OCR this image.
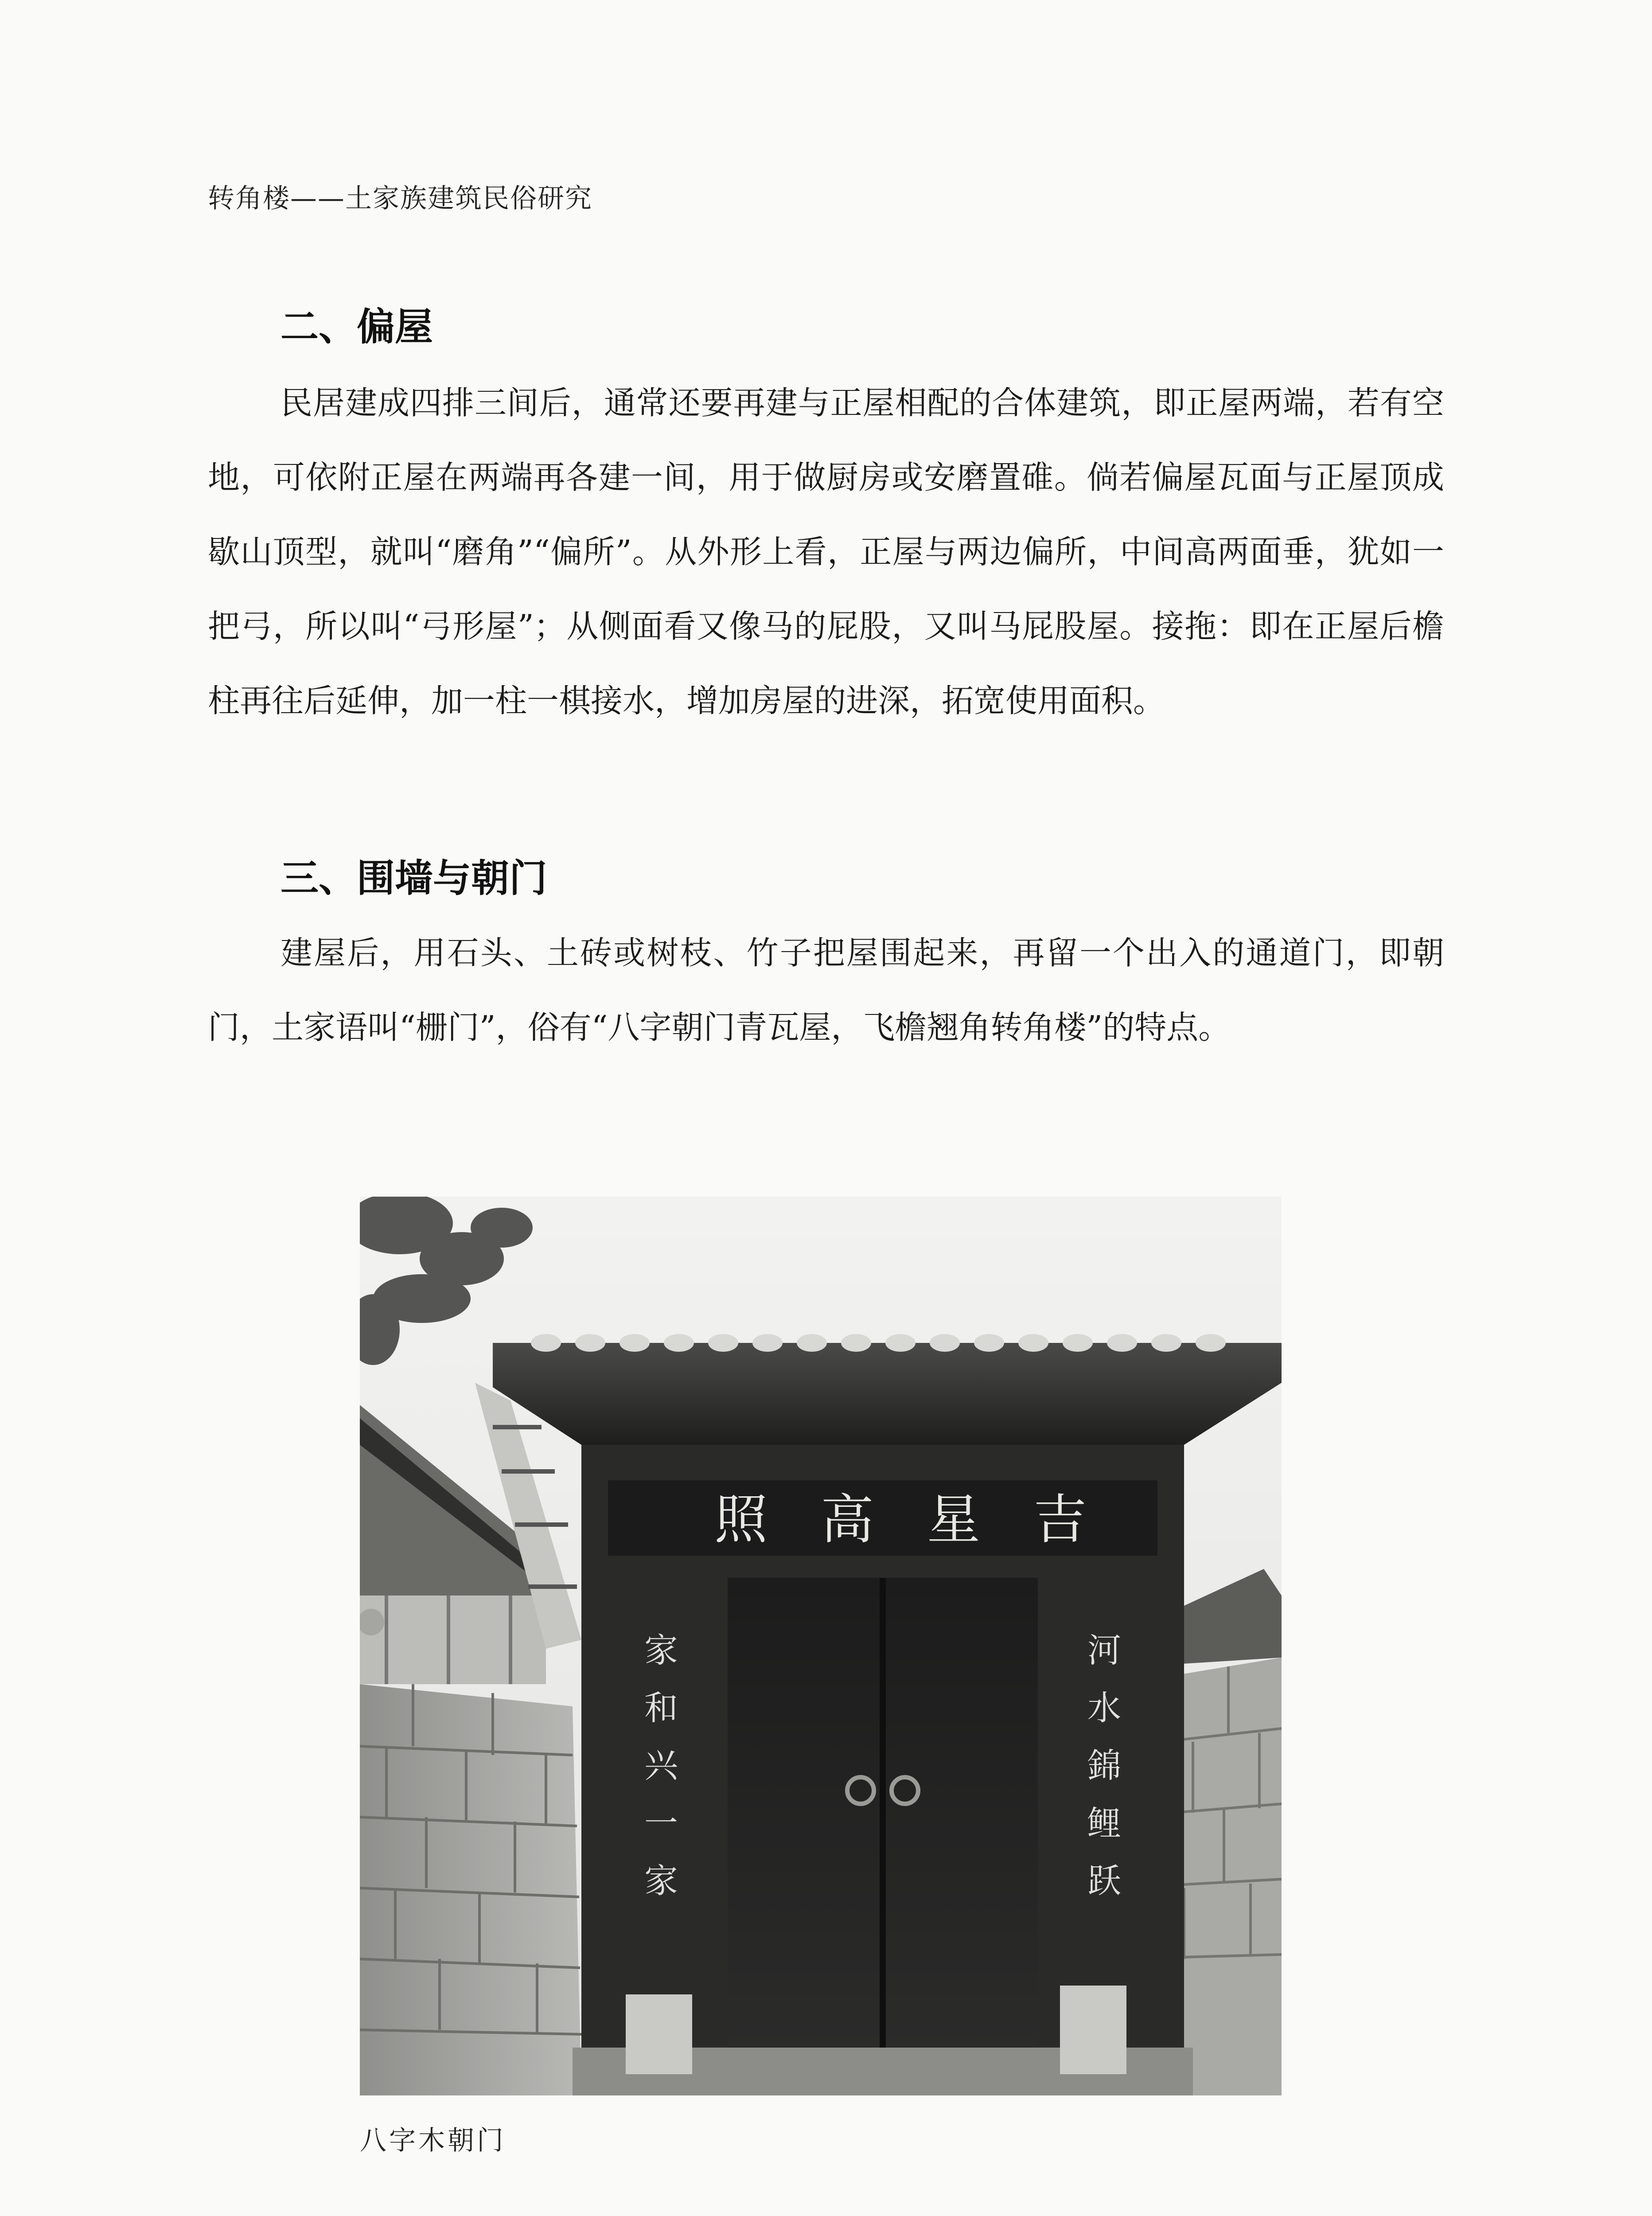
转角楼——土家族建筑民俗研究
二、偏屋
民居建成四排三间后，通常还要再建与正屋相配的合体建筑，即正屋两端，若有空地，可依附正屋在两端再各建一间，用于做厨房或安磨置碓。倘若偏屋瓦面与正屋顶成歇山顶型，就叫“磨角”“偏所”。从外形上看，正屋与两边偏所，中间高两面垂，犹如一把弓，所以叫“弓形屋”；从侧面看又像马的屁股，又叫马屁股屋。接拖：即在正屋后檐柱再往后延伸，加一柱一棋接水，增加房屋的进深，拓宽使用面积。
三、围墙与朝门
建屋后，用石头、土砖或树枝、竹子把屋围起来，再留一个出入的通道门，即朝门，土家语叫“栅门”，俗有“八字朝门青瓦屋，飞檐翘角转角楼”的特点。
吉
星
高
照
家
和
兴
一
家
河
水
錦
鲤
跃
八字木朝门
